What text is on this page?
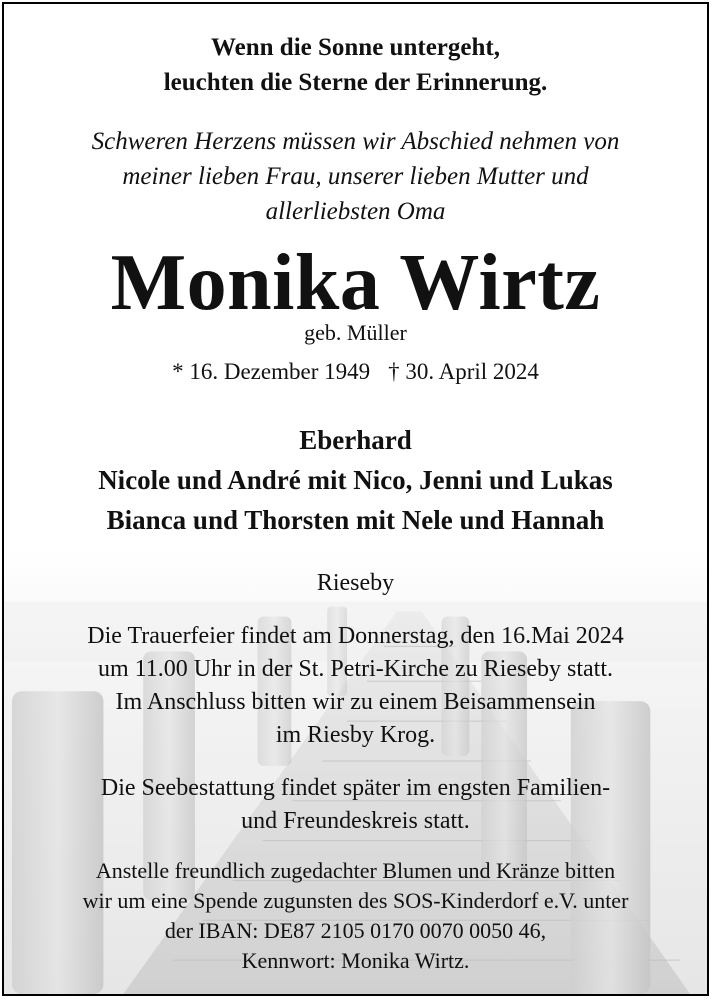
Wenn die Sonne untergeht,
leuchten die Sterne der Erinnerung.
Schweren Herzens müssen wir Abschied nehmen von
meiner lieben Frau, unserer lieben Mutter und
allerliebsten Oma
Monika Wirtz
geb. Müller
* 16. Dezember 1949 † 30. April 2024
Eberhard
Nicole und André mit Nico, Jenni und Lukas
Bianca und Thorsten mit Nele und Hannah
Rieseby
Die Trauerfeier findet am Donnerstag, den 16.Mai 2024
um 11.00 Uhr in der St. Petri-Kirche zu Rieseby statt.
Im Anschluss bitten wir zu einem Beisammensein
im Riesby Krog.
Die Seebestattung findet später im engsten Familien-
und Freundeskreis statt.
Anstelle freundlich zugedachter Blumen und Kränze bitten
wir um eine Spende zugunsten des SOS-Kinderdorf e.V. unter
der IBAN: DE87 2105 0170 0070 0050 46,
Kennwort: Monika Wirtz.
